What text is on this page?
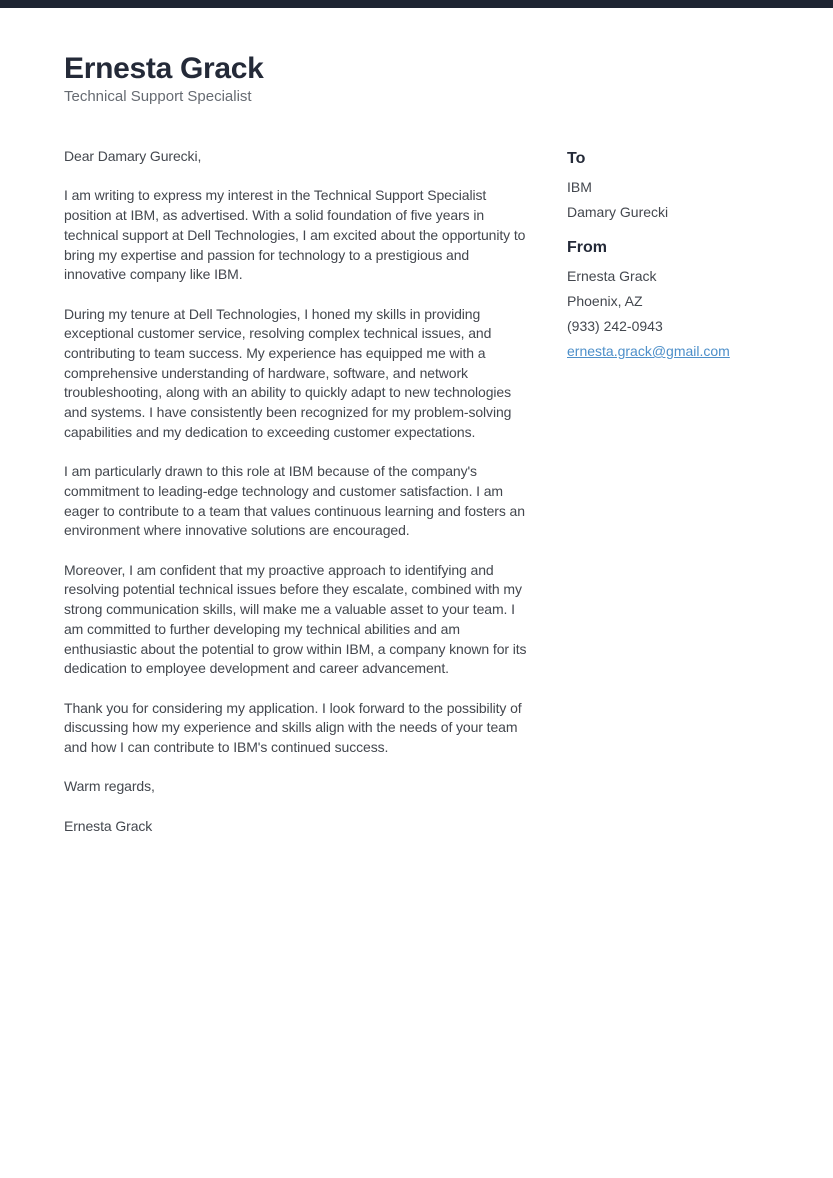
Ernesta Grack
Technical Support Specialist

Dear Damary Gurecki,

I am writing to express my interest in the Technical Support Specialist position at IBM, as advertised. With a solid foundation of five years in technical support at Dell Technologies, I am excited about the opportunity to bring my expertise and passion for technology to a prestigious and innovative company like IBM.

During my tenure at Dell Technologies, I honed my skills in providing exceptional customer service, resolving complex technical issues, and contributing to team success. My experience has equipped me with a comprehensive understanding of hardware, software, and network troubleshooting, along with an ability to quickly adapt to new technologies and systems. I have consistently been recognized for my problem-solving capabilities and my dedication to exceeding customer expectations.

I am particularly drawn to this role at IBM because of the company's commitment to leading-edge technology and customer satisfaction. I am eager to contribute to a team that values continuous learning and fosters an environment where innovative solutions are encouraged.

Moreover, I am confident that my proactive approach to identifying and resolving potential technical issues before they escalate, combined with my strong communication skills, will make me a valuable asset to your team. I am committed to further developing my technical abilities and am enthusiastic about the potential to grow within IBM, a company known for its dedication to employee development and career advancement.

Thank you for considering my application. I look forward to the possibility of discussing how my experience and skills align with the needs of your team and how I can contribute to IBM's continued success.

Warm regards,

Ernesta Grack

To
IBM
Damary Gurecki
From
Ernesta Grack
Phoenix, AZ
(933) 242-0943
ernesta.grack@gmail.com
